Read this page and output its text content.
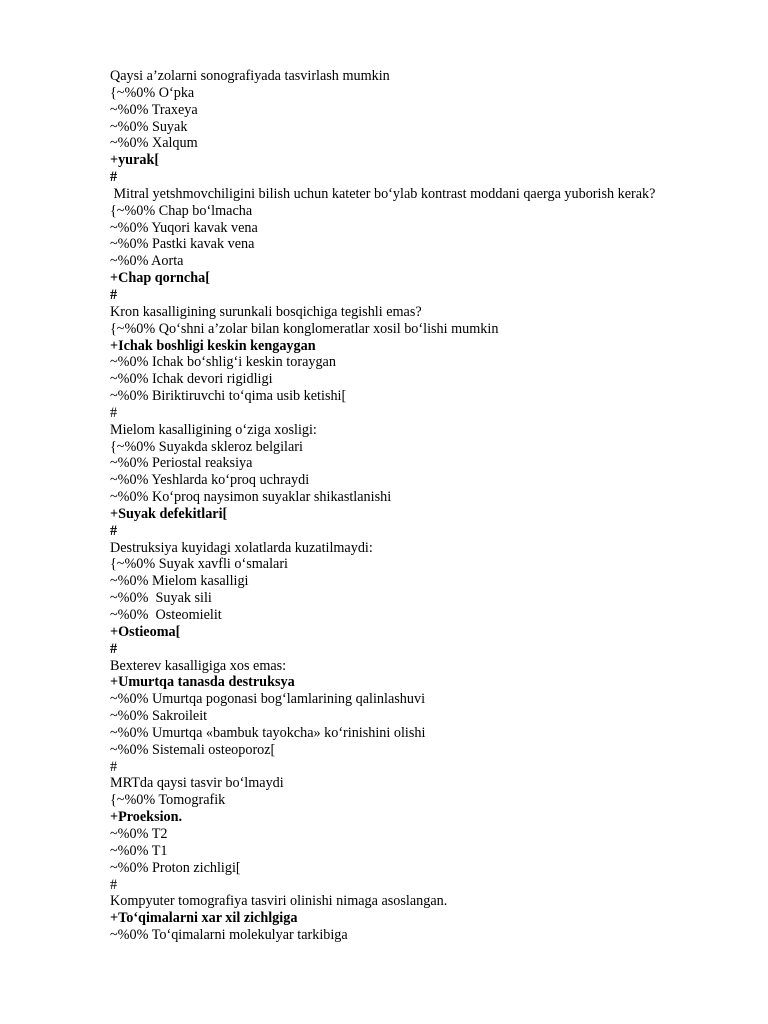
Qaysi a’zolarni sonografiyada tasvirlash mumkin
{~%0% O‘pka
~%0% Traxeya
~%0% Suyak
~%0% Xalqum
+yurak[
#
Mitral yetshmovchiligini bilish uchun kateter bo‘ylab kontrast moddani qaerga yuborish kerak?
{~%0% Chap bo‘lmacha
~%0% Yuqori kavak vena
~%0% Pastki kavak vena
~%0% Aorta
+Chap qorncha[
#
Kron kasalligining surunkali bosqichiga tegishli emas?
{~%0% Qo‘shni a’zolar bilan konglomeratlar xosil bo‘lishi mumkin
+Ichak boshligi keskin kengaygan
~%0% Ichak bo‘shlig‘i keskin toraygan
~%0% Ichak devori rigidligi
~%0% Biriktiruvchi to‘qima usib ketishi[
#
Mielom kasalligining o‘ziga xosligi:
{~%0% Suyakda skleroz belgilari
~%0% Periostal reaksiya
~%0% Yeshlarda ko‘proq uchraydi
~%0% Ko‘proq naysimon suyaklar shikastlanishi
+Suyak defekitlari[
#
Destruksiya kuyidagi xolatlarda kuzatilmaydi:
{~%0% Suyak xavfli o‘smalari
~%0% Mielom kasalligi
~%0%  Suyak sili
~%0%  Osteomielit
+Ostieoma[
#
Bexterev kasalligiga xos emas:
+Umurtqa tanasda destruksya
~%0% Umurtqa pogonasi bog‘lamlarining qalinlashuvi
~%0% Sakroileit
~%0% Umurtqa «bambuk tayokcha» ko‘rinishini olishi
~%0% Sistemali osteoporoz[
#
MRTda qaysi tasvir bo‘lmaydi
{~%0% Tomografik
+Proeksion.
~%0% T2
~%0% T1
~%0% Proton zichligi[
#
Kompyuter tomografiya tasviri olinishi nimaga asoslangan.
+To‘qimalarni xar xil zichlgiga
~%0% To‘qimalarni molekulyar tarkibiga
